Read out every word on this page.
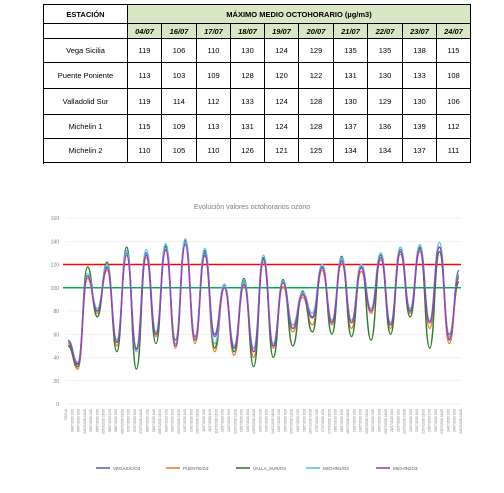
ESTACIÓN	MÁXIMO MEDIO OCTOHORARIO (µg/m3)									
	04/07	16/07	17/07	18/07	19/07	20/07	21/07	22/07	23/07	24/07
Vega Sicilia	119	106	110	130	124	129	135	135	138	115
Puente Poniente	113	103	109	128	120	122	131	130	133	108
Valladolid Sur	119	114	112	133	124	128	130	129	130	106
Michelin 1	115	109	113	131	124	128	137	136	139	112
Michelin 2	110	105	110	126	121	125	134	134	137	111
Evolución valores octohorarios ozono
0
20
40
60
80
100
120
140
160
FECHA 04/07/2020 0:00 04/07/2020 8:00 04/07/2020 16:00 05/07/2020 0:00 05/07/2020 8:00 05/07/2020 16:00 06/07/2020 0:00 06/07/2020 8:00 06/07/2020 16:00 07/07/2020 0:00 07/07/2020 8:00 07/07/2020 16:00 08/07/2020 0:00 08/07/2020 8:00 08/07/2020 16:00 09/07/2020 0:00 09/07/2020 8:00 09/07/2020 16:00 10/07/2020 0:00 10/07/2020 8:00 10/07/2020 16:00 11/07/2020 0:00 11/07/2020 8:00 11/07/2020 16:00 12/07/2020 0:00 12/07/2020 8:00 12/07/2020 16:00 13/07/2020 0:00 13/07/2020 8:00 13/07/2020 16:00 14/07/2020 0:00 14/07/2020 8:00 14/07/2020 16:00 15/07/2020 0:00 15/07/2020 8:00 15/07/2020 16:00 16/07/2020 0:00 16/07/2020 8:00 16/07/2020 16:00 17/07/2020 0:00 17/07/2020 8:00 17/07/2020 16:00 18/07/2020 0:00 18/07/2020 8:00 18/07/2020 16:00 19/07/2020 0:00 19/07/2020 8:00 19/07/2020 16:00 20/07/2020 0:00 20/07/2020 8:00 20/07/2020 16:00 21/07/2020 0:00 21/07/2020 8:00 21/07/2020 16:00 22/07/2020 0:00 22/07/2020 8:00 22/07/2020 16:00 23/07/2020 0:00 23/07/2020 8:00 23/07/2020 16:00 24/07/2020 0:00 24/07/2020 8:00 24/07/2020 16:00
VEGASIC/O3	PUENTE/O3	VALLA_SUR/O3	MICHIN1/O3	MICHIN2O3
